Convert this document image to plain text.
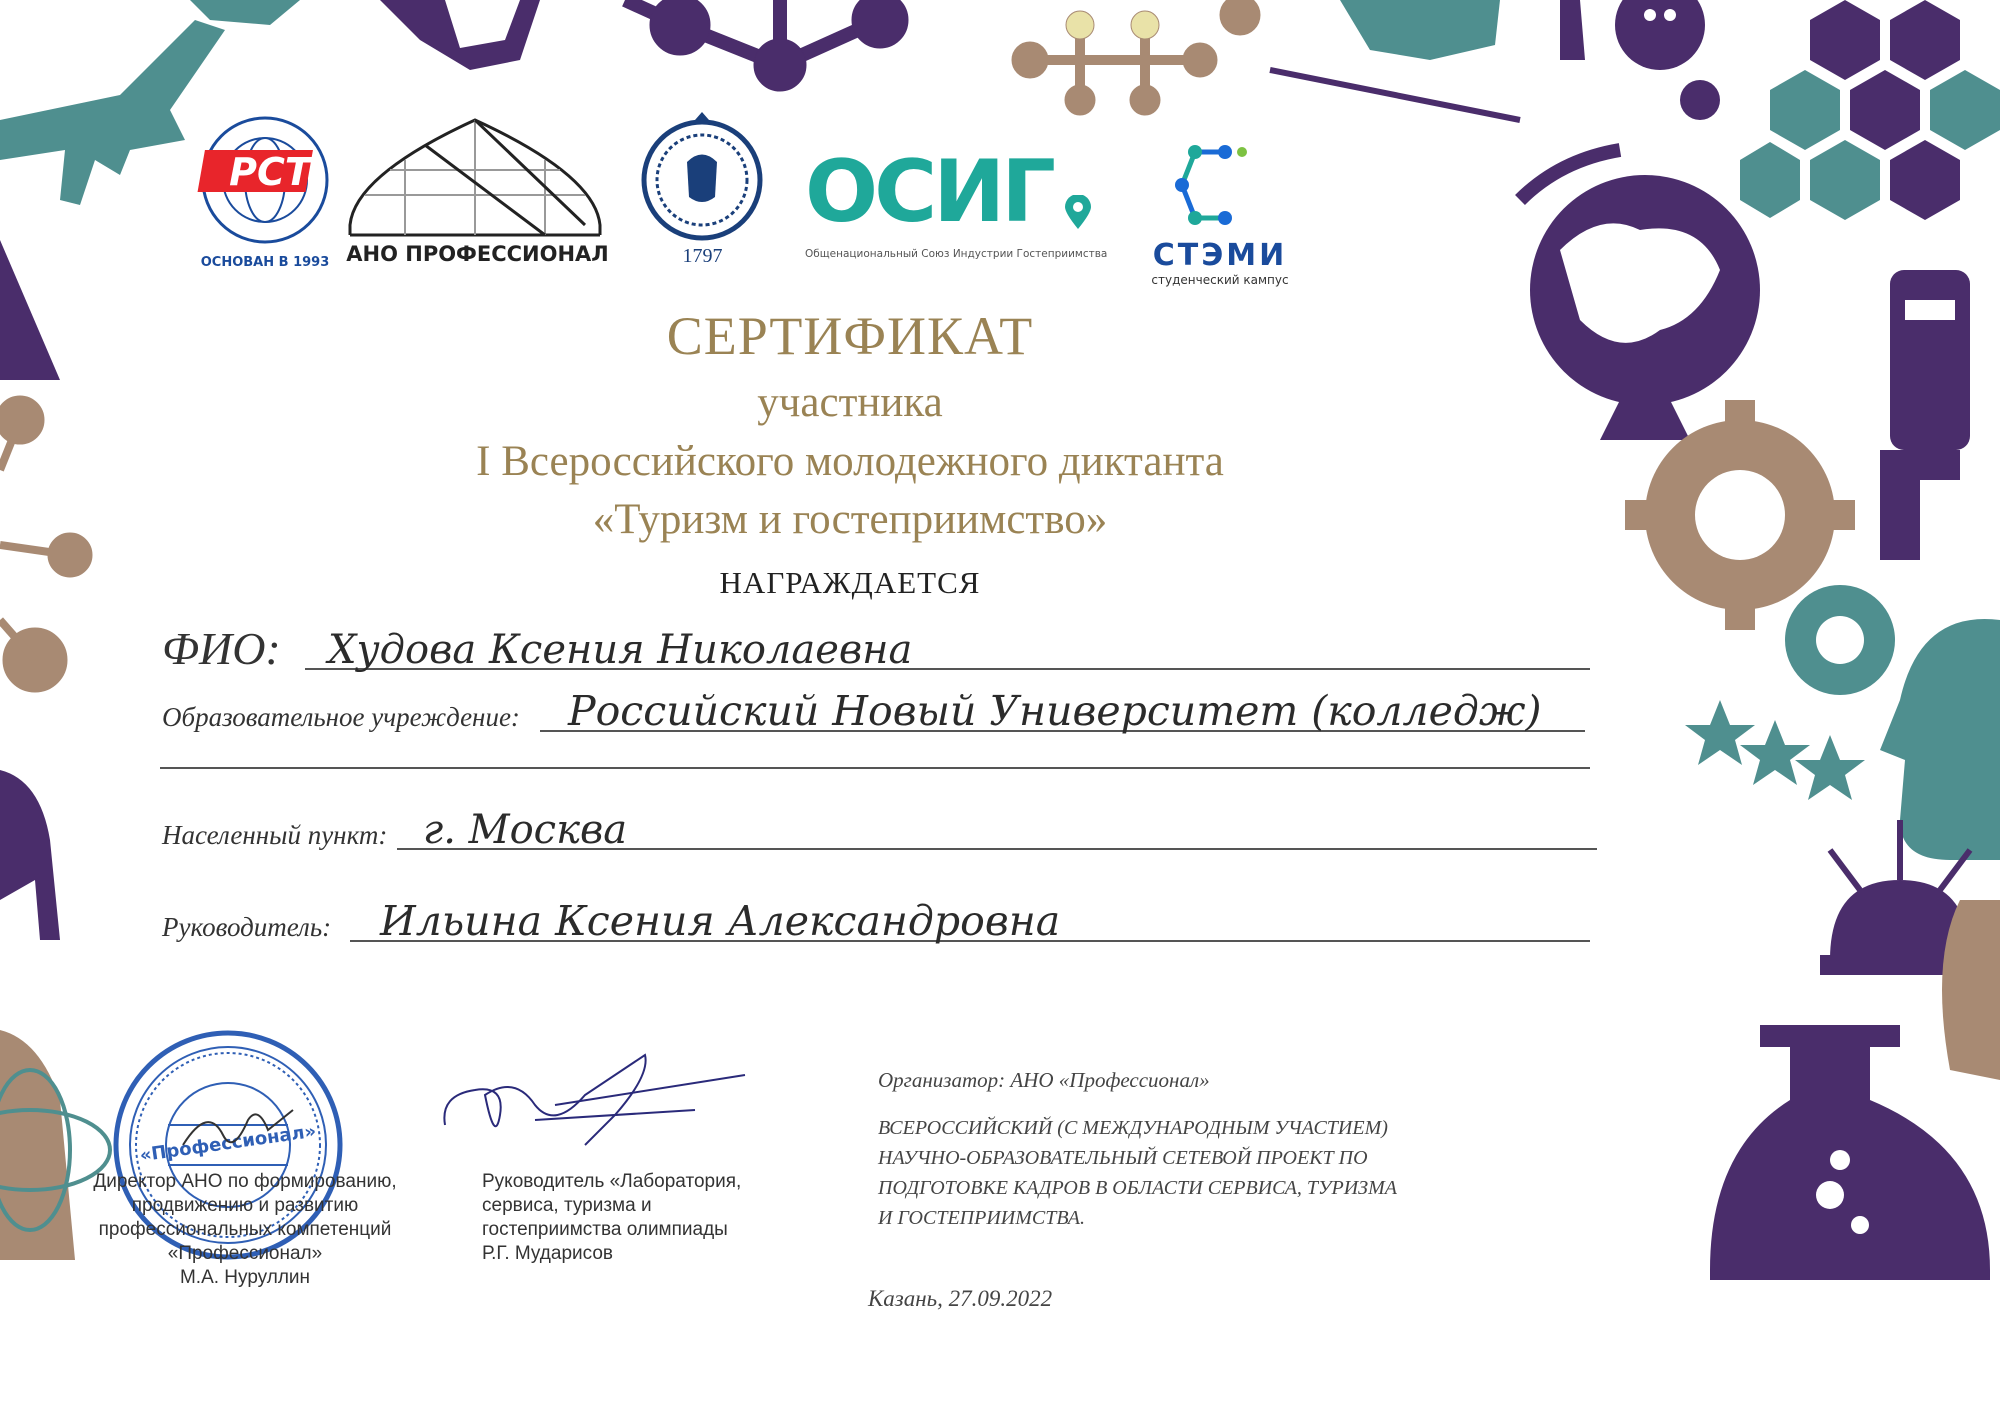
РСТ
ОСНОВАН В 1993 АНО ПРОФЕССИОНАЛ	1797
ОСИГ
Общенациональный Союз Индустрии Гостеприимства	СТЭМИ
студенческий кампус
СЕРТИФИКАТ
участника
I Всероссийского молодежного диктанта
«Туризм и гостеприимство»
НАГРАЖДАЕТСЯ
ФИО: Худова Ксения Николаевна
Образовательное учреждение: Российский Новый Университет (колледж)
Населенный пункт: г. Москва
Руководитель: Ильина Ксения Александровна
«Профессионал»
Директор АНО по формированию,
продвижению и развитию
профессиональных компетенций
«Профессионал»
М.А. Нуруллин
Руководитель «Лаборатория,
сервиса, туризма и
гостеприимства олимпиады
Р.Г. Мударисов
Организатор: АНО «Профессионал»
ВСЕРОССИЙСКИЙ (С МЕЖДУНАРОДНЫМ УЧАСТИЕМ)
НАУЧНО-ОБРАЗОВАТЕЛЬНЫЙ СЕТЕВОЙ ПРОЕКТ ПО
ПОДГОТОВКЕ КАДРОВ В ОБЛАСТИ СЕРВИСА, ТУРИЗМА
И ГОСТЕПРИИМСТВА.
Казань, 27.09.2022
